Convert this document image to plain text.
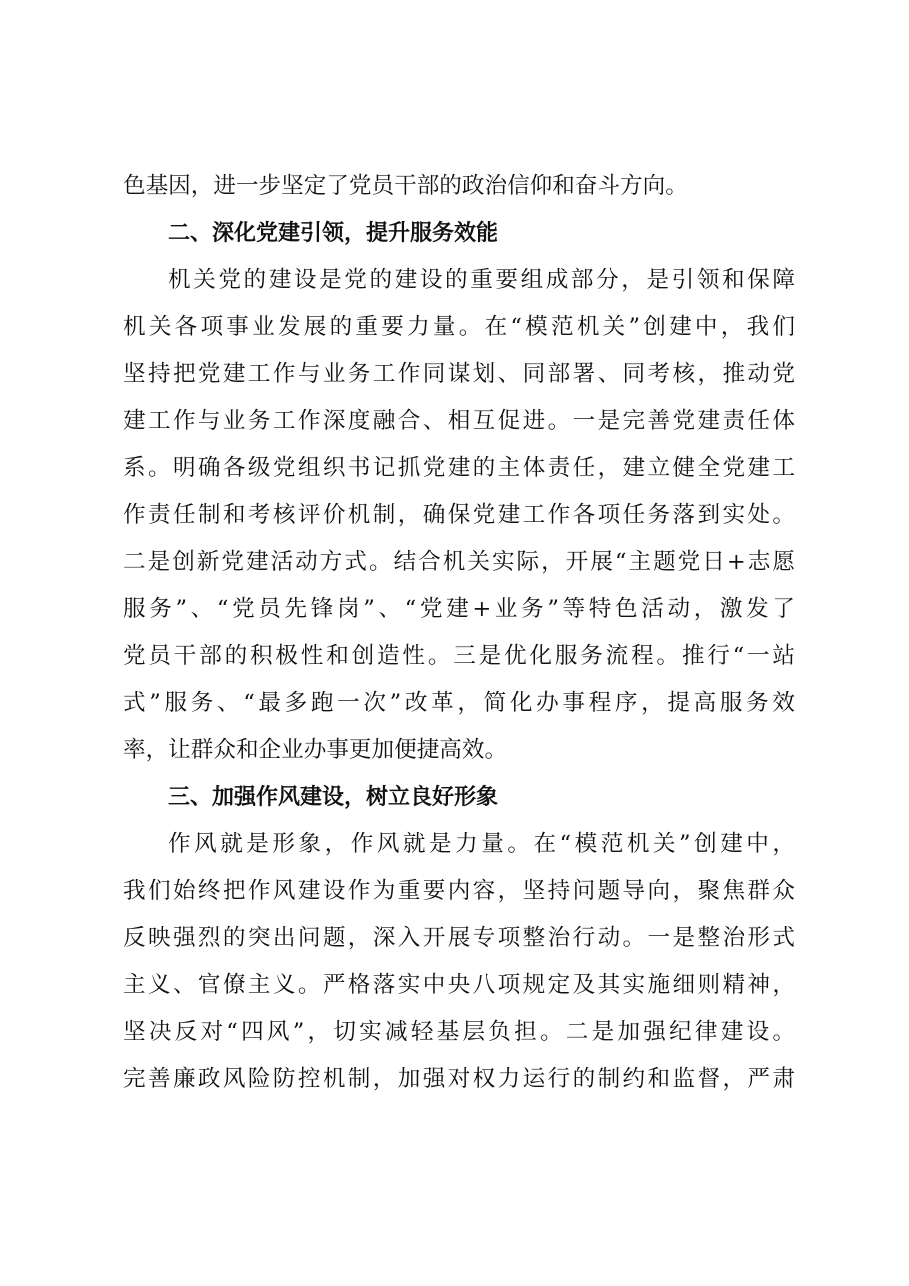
色基因，进一步坚定了党员干部的政治信仰和奋斗方向。
二、深化党建引领，提升服务效能
机关党的建设是党的建设的重要组成部分，是引领和保障
机关各项事业发展的重要力量。在“模范机关”创建中，我们
坚持把党建工作与业务工作同谋划、同部署、同考核，推动党
建工作与业务工作深度融合、相互促进。一是完善党建责任体
系。明确各级党组织书记抓党建的主体责任，建立健全党建工
作责任制和考核评价机制，确保党建工作各项任务落到实处。
二是创新党建活动方式。结合机关实际，开展“主题党日+志愿
服务”、“党员先锋岗”、“党建+业务”等特色活动，激发了
党员干部的积极性和创造性。三是优化服务流程。推行“一站
式”服务、“最多跑一次”改革，简化办事程序，提高服务效
率，让群众和企业办事更加便捷高效。
三、加强作风建设，树立良好形象
作风就是形象，作风就是力量。在“模范机关”创建中，
我们始终把作风建设作为重要内容，坚持问题导向，聚焦群众
反映强烈的突出问题，深入开展专项整治行动。一是整治形式
主义、官僚主义。严格落实中央八项规定及其实施细则精神，
坚决反对“四风”，切实减轻基层负担。二是加强纪律建设。
完善廉政风险防控机制，加强对权力运行的制约和监督，严肃
